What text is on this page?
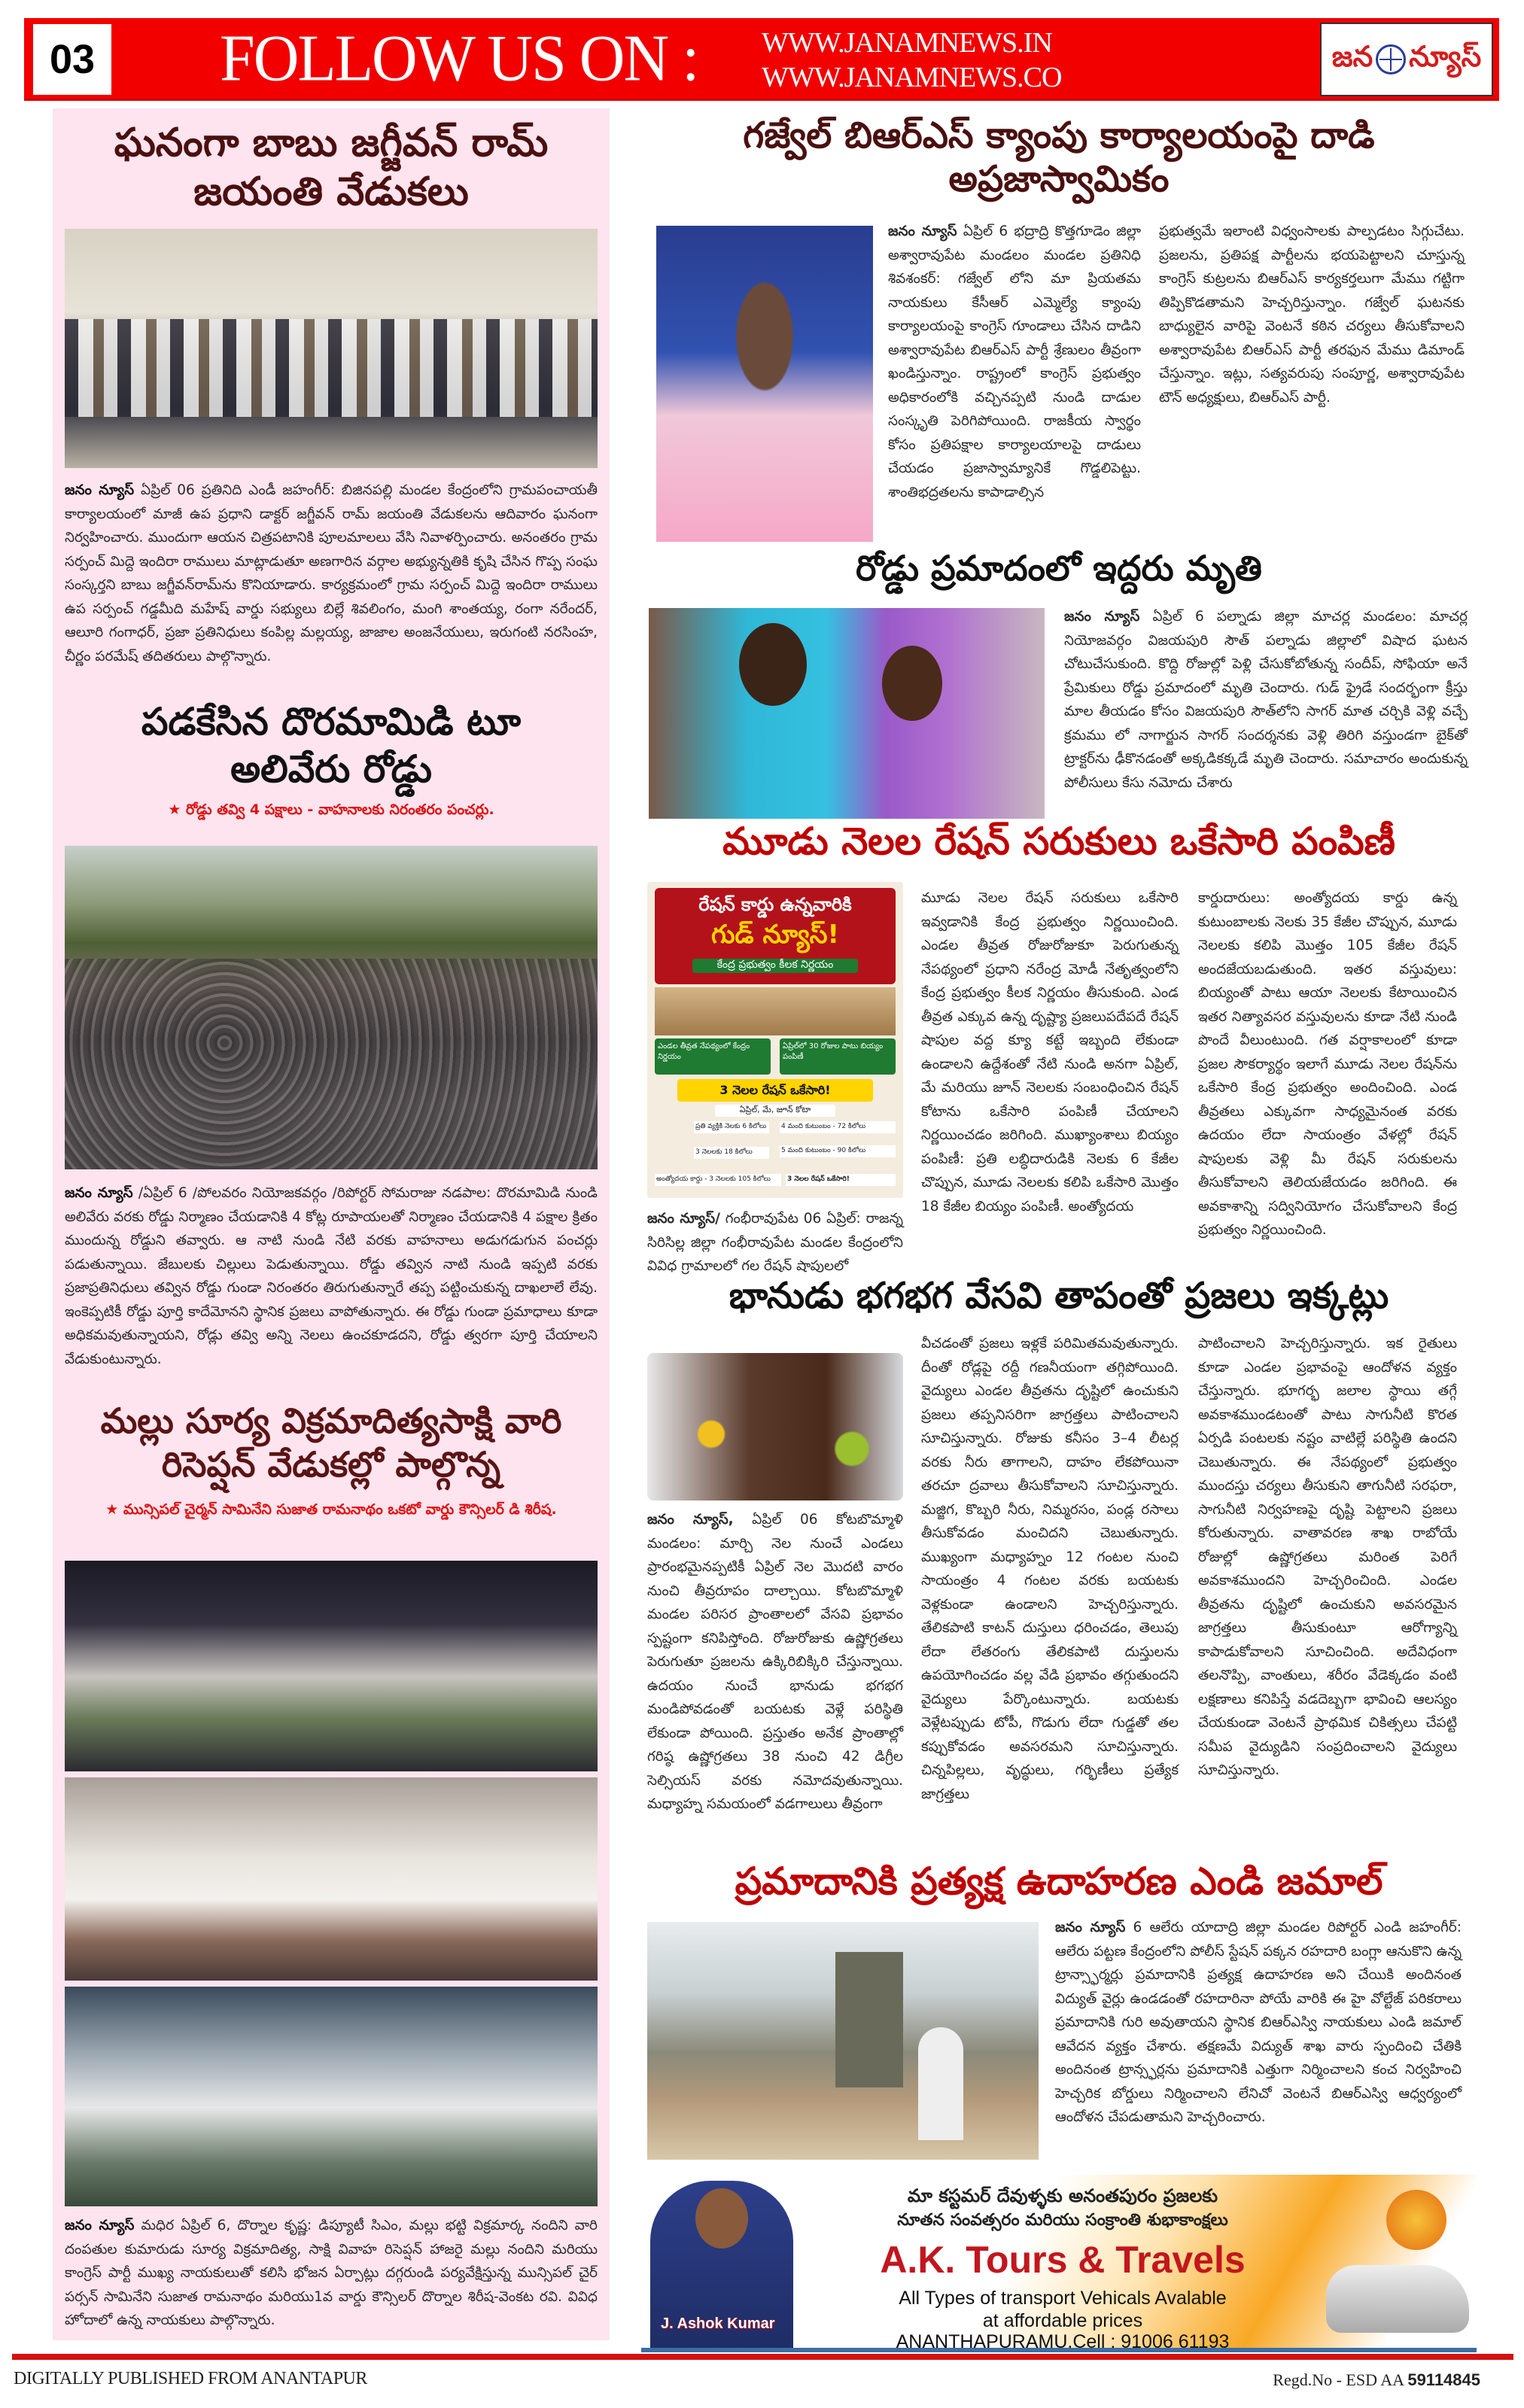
03 FOLLOW US ON : WWW.JANAMNEWS.IN
WWW.JANAMNEWS.CO
జన న్యూస్
ఘనంగా బాబు జగ్జీవన్ రామ్ జయంతి వేడుకలు

జనం న్యూస్ ఏప్రిల్ 06 ప్రతినిది ఎండీ జహంగీర్: బిజినపల్లి మండల కేంద్రంలోని గ్రామపంచాయతీ కార్యాలయంలో మాజీ ఉప ప్రధాని డాక్టర్ జగ్జీవన్ రామ్ జయంతి వేడుకలను ఆదివారం ఘనంగా నిర్వహించారు. ముందుగా ఆయన చిత్రపటానికి పూలమాలలు వేసి నివాళర్పించారు. అనంతరం గ్రామ సర్పంచ్ మిద్దె ఇందిరా రాములు మాట్లాడుతూ అణగారిన వర్గాల అభ్యున్నతికి కృషి చేసిన గొప్ప సంఘ సంస్కర్తని బాబు జగ్జీవన్‌రామ్‌ను కొనియాడారు. కార్యక్రమంలో గ్రామ సర్పంచ్ మిద్దె ఇందిరా రాములు ఉప సర్పంచ్ గడ్డమీది మహేష్ వార్డు సభ్యులు బిల్లే శివలింగం, మంగి శాంతయ్య, రంగా నరేందర్, ఆలూరి గంగాధర్, ప్రజా ప్రతినిధులు కంపిల్ల మల్లయ్య, జాజాల అంజనేయులు, ఇరుగంటి నరసింహ, చీర్ణం పరమేష్ తదితరులు పాల్గొన్నారు.

పడకేసిన దొరమామిడి టూ అలివేరు రోడ్డు
★ రోడ్డు తవ్వి 4 పక్షాలు - వాహనాలకు నిరంతరం పంచర్లు.

జనం న్యూస్ /ఏప్రిల్ 6 /పోలవరం నియోజకవర్గం /రిపోర్టర్ సోమరాజు నడపాల: దొరమామిడి నుండి అలివేరు వరకు రోడ్డు నిర్మాణం చేయడానికి 4 కోట్ల రూపాయలతో నిర్మాణం చేయడానికి 4 పక్షాల క్రితం ముందున్న రోడ్డుని తవ్వారు. ఆ నాటి నుండి నేటి వరకు వాహనాలు అడుగడుగున పంచర్లు పడుతున్నాయి. జేబులకు చిల్లులు పెడుతున్నాయి. రోడ్డు తవ్విన నాటి నుండి ఇప్పటి వరకు ప్రజాప్రతినిధులు తవ్విన రోడ్డు గుండా నిరంతరం తిరుగుతున్నారే తప్ప పట్టించుకున్న దాఖలాలే లేవు. ఇంకెప్పటికీ రోడ్డు పూర్తి కాదేమోనని స్థానిక ప్రజలు వాపోతున్నారు. ఈ రోడ్డు గుండా ప్రమాధాలు కూడా అధికమవుతున్నాయని, రోడ్లు తవ్వి అన్ని నెలలు ఉంచకూడదని, రోడ్డు త్వరగా పూర్తి చేయాలని వేడుకుంటున్నారు.

మల్లు సూర్య విక్రమాదిత్యసాక్షి వారి రిసెప్షన్ వేడుకల్లో పాల్గొన్న
★ మున్సిపల్ చైర్మన్ సామినేని సుజాత రామనాథం ఒకటో వార్డు కౌన్సిలర్ డి శిరీష.

జనం న్యూస్ మధిర ఏప్రిల్ 6, దొర్నాల కృష్ణ: డిప్యూటీ సిఎం, మల్లు భట్టి విక్రమార్క నందిని వారి దంపతుల కుమారుడు సూర్య విక్రమాదిత్య, సాక్షి వివాహ రిసెప్షన్ హాజరై మల్లు నందిని మరియు కాంగ్రెస్ పార్టీ ముఖ్య నాయకులుతో కలిసి భోజన ఏర్పాట్లు దగ్గరుండి పర్యవేక్షిస్తున్న మున్సిపల్ చైర్ పర్సన్ సామినేని సుజాత రామనాథం మరియు1వ వార్డు కౌన్సిలర్ దొర్నాల శిరీష-వెంకట రవి. వివిధ హోదాలో ఉన్న నాయకులు పాల్గొన్నారు.

గజ్వేల్ బిఆర్ఎస్ క్యాంపు కార్యాలయంపై దాడి అప్రజాస్వామికం

జనం న్యూస్ ఏప్రిల్ 6 భద్రాద్రి కొత్తగూడెం జిల్లా అశ్వారావుపేట మండలం మండల ప్రతినిధి శివశంకర్: గజ్వేల్ లోని మా ప్రియతమ నాయకులు కేసీఆర్ ఎమ్మెల్యే క్యాంపు కార్యాలయంపై కాంగ్రెస్ గూండాలు చేసిన దాడిని అశ్వారావుపేట బిఆర్ఎస్ పార్టీ శ్రేణులం తీవ్రంగా ఖండిస్తున్నాం. రాష్ట్రంలో కాంగ్రెస్ ప్రభుత్వం అధికారంలోకి వచ్చినప్పటి నుండి దాడుల సంస్కృతి పెరిగిపోయింది. రాజకీయ స్వార్థం కోసం ప్రతిపక్షాల కార్యాలయాలపై దాడులు చేయడం ప్రజాస్వామ్యానికే గొడ్డలిపెట్టు. శాంతిభద్రతలను కాపాడాల్సిన

ప్రభుత్వమే ఇలాంటి విధ్వంసాలకు పాల్పడటం సిగ్గుచేటు. ప్రజలను, ప్రతిపక్ష పార్టీలను భయపెట్టాలని చూస్తున్న కాంగ్రెస్ కుట్రలను బిఆర్ఎస్ కార్యకర్తలుగా మేము గట్టిగా తిప్పికొడతామని హెచ్చరిస్తున్నాం. గజ్వేల్ ఘటనకు బాధ్యులైన వారిపై వెంటనే కఠిన చర్యలు తీసుకోవాలని అశ్వారావుపేట బిఆర్ఎస్ పార్టీ తరఫున మేము డిమాండ్ చేస్తున్నాం. ఇట్లు, సత్యవరుపు సంపూర్ణ, అశ్వారావుపేట టౌన్ అధ్యక్షులు, బిఆర్ఎస్ పార్టీ.

రోడ్డు ప్రమాదంలో ఇద్దరు మృతి

జనం న్యూస్ ఏప్రిల్ 6 పల్నాడు జిల్లా మాచర్ల మండలం: మాచర్ల నియోజవర్గం విజయపురి సౌత్ పల్నాడు జిల్లాలో విషాద ఘటన చోటుచేసుకుంది. కొద్ది రోజుల్లో పెళ్లి చేసుకోబోతున్న సందీప్, సోఫియా అనే ప్రేమికులు రోడ్డు ప్రమాదంలో మృతి చెందారు. గుడ్ ఫ్రైడే సందర్భంగా క్రీస్తు మాల తీయడం కోసం విజయపురి సౌత్‌లోని సాగర్ మాత చర్చికి వెళ్లి వచ్చే క్రమము లో నాగార్జున సాగర్ సందర్శనకు వెళ్లి తిరిగి వస్తుండగా బైక్‌తో ట్రాక్టర్‌ను ఢీకొనడంతో అక్కడికక్కడే మృతి చెందారు. సమాచారం అందుకున్న పోలీసులు కేసు నమోదు చేశారు

మూడు నెలల రేషన్ సరుకులు ఒకేసారి పంపిణీ
రేషన్ కార్డు ఉన్నవారికి
గుడ్ న్యూస్!
కేంద్ర ప్రభుత్వం కీలక నిర్ణయం
ఎండల తీవ్రత నేపథ్యంలో కేంద్రం నిర్ణయం
ఏప్రిల్‌లో 30 రోజుల పాటు బియ్యం పంపిణీ
3 నెలల రేషన్ ఒకేసారి!
ఏప్రిల్, మే, జూన్ కోటా
ప్రతి వ్యక్తికి నెలకు 6 కిలోలు
3 నెలలకు 18 కిలోలు
4 మంది కుటుంబం - 72 కిలోలు
5 మంది కుటుంబం - 90 కిలోలు
అంత్యోదయ కార్డు - 3 నెలలకు 105 కిలోలు	3 నెలల రేషన్ ఒకేసారి!

జనం న్యూస్/ గంభీరావుపేట 06 ఏప్రిల్: రాజన్న సిరిసిల్ల జిల్లా గంభీరావుపేట మండల కేంద్రంలోని వివిధ గ్రామాలలో గల రేషన్ షాపులలో

మూడు నెలల రేషన్ సరుకులు ఒకేసారి ఇవ్వడానికి కేంద్ర ప్రభుత్వం నిర్ణయించింది. ఎండల తీవ్రత రోజురోజుకూ పెరుగుతున్న నేపథ్యంలో ప్రధాని నరేంద్ర మోడీ నేతృత్వంలోని కేంద్ర ప్రభుత్వం కీలక నిర్ణయం తీసుకుంది. ఎండ తీవ్రత ఎక్కువ ఉన్న దృష్ట్యా ప్రజలుపదేపదే రేషన్ షాపుల వద్ద క్యూ కట్టే ఇబ్బంది లేకుండా ఉండాలని ఉద్దేశంతో నేటి నుండి అనగా ఏప్రిల్, మే మరియు జూన్ నెలలకు సంబంధించిన రేషన్ కోటాను ఒకేసారి పంపిణీ చేయాలని నిర్ణయించడం జరిగింది. ముఖ్యాంశాలు బియ్యం పంపిణీ: ప్రతి లబ్ధిదారుడికి నెలకు 6 కేజీల చొప్పున, మూడు నెలలకు కలిపి ఒకేసారి మొత్తం 18 కేజీల బియ్యం పంపిణీ. అంత్యోదయ

కార్డుదారులు: అంత్యోదయ కార్డు ఉన్న కుటుంబాలకు నెలకు 35 కేజీల చొప్పున, మూడు నెలలకు కలిపి మొత్తం 105 కేజీల రేషన్ అందజేయబడుతుంది. ఇతర వస్తువులు: బియ్యంతో పాటు ఆయా నెలలకు కేటాయించిన ఇతర నిత్యావసర వస్తువులను కూడా నేటి నుండి పొందే వీలుంటుంది. గత వర్షాకాలంలో కూడా ప్రజల సౌకర్యార్థం ఇలాగే మూడు నెలల రేషన్‌ను ఒకేసారి కేంద్ర ప్రభుత్వం అందించింది. ఎండ తీవ్రతలు ఎక్కువగా సాధ్యమైనంత వరకు ఉదయం లేదా సాయంత్రం వేళల్లో రేషన్ షాపులకు వెళ్లి మీ రేషన్ సరుకులను తీసుకోవాలని తెలియజేయడం జరిగింది. ఈ అవకాశాన్ని సద్వినియోగం చేసుకోవాలని కేంద్ర ప్రభుత్వం నిర్ణయించింది.

భానుడు భగభగ వేసవి తాపంతో ప్రజలు ఇక్కట్లు

జనం న్యూస్, ఏప్రిల్ 06 కోటబొమ్మాళి మండలం: మార్చి నెల నుంచే ఎండలు ప్రారంభమైనప్పటికీ ఏప్రిల్ నెల మొదటి వారం నుంచి తీవ్రరూపం దాల్చాయి. కోటబొమ్మాళి మండల పరిసర ప్రాంతాలలో వేసవి ప్రభావం స్పష్టంగా కనిపిస్తోంది. రోజురోజుకు ఉష్ణోగ్రతలు పెరుగుతూ ప్రజలను ఉక్కిరిబిక్కిరి చేస్తున్నాయి. ఉదయం నుంచే భానుడు భగభగ మండిపోవడంతో బయటకు వెళ్లే పరిస్థితి లేకుండా పోయింది. ప్రస్తుతం అనేక ప్రాంతాల్లో గరిష్ఠ ఉష్ణోగ్రతలు 38 నుంచి 42 డిగ్రీల సెల్సియస్ వరకు నమోదవుతున్నాయి. మధ్యాహ్న సమయంలో వడగాలులు తీవ్రంగా

వీచడంతో ప్రజలు ఇళ్లకే పరిమితమవుతున్నారు. దీంతో రోడ్లపై రద్దీ గణనీయంగా తగ్గిపోయింది. వైద్యులు ఎండల తీవ్రతను దృష్టిలో ఉంచుకుని ప్రజలు తప్పనిసరిగా జాగ్రత్తలు పాటించాలని సూచిస్తున్నారు. రోజుకు కనీసం 3–4 లీటర్ల వరకు నీరు తాగాలని, దాహం లేకపోయినా తరచూ ద్రవాలు తీసుకోవాలని సూచిస్తున్నారు. మజ్జిగ, కొబ్బరి నీరు, నిమ్మరసం, పండ్ల రసాలు తీసుకోవడం మంచిదని చెబుతున్నారు. ముఖ్యంగా మధ్యాహ్నం 12 గంటల నుంచి సాయంత్రం 4 గంటల వరకు బయటకు వెళ్లకుండా ఉండాలని హెచ్చరిస్తున్నారు. తేలికపాటి కాటన్ దుస్తులు ధరించడం, తెలుపు లేదా లేతరంగు తేలికపాటి దుస్తులను ఉపయోగించడం వల్ల వేడి ప్రభావం తగ్గుతుందని వైద్యులు పేర్కొంటున్నారు. బయటకు వెళ్లేటప్పుడు టోపీ, గొడుగు లేదా గుడ్డతో తల కప్పుకోవడం అవసరమని సూచిస్తున్నారు. చిన్నపిల్లలు, వృద్ధులు, గర్భిణీలు ప్రత్యేక జాగ్రత్తలు

పాటించాలని హెచ్చరిస్తున్నారు. ఇక రైతులు కూడా ఎండల ప్రభావంపై ఆందోళన వ్యక్తం చేస్తున్నారు. భూగర్భ జలాల స్థాయి తగ్గే అవకాశముండటంతో పాటు సాగునీటి కొరత ఏర్పడి పంటలకు నష్టం వాటిల్లే పరిస్థితి ఉందని చెబుతున్నారు. ఈ నేపథ్యంలో ప్రభుత్వం ముందస్తు చర్యలు తీసుకుని తాగునీటి సరఫరా, సాగునీటి నిర్వహణపై దృష్టి పెట్టాలని ప్రజలు కోరుతున్నారు. వాతావరణ శాఖ రాబోయే రోజుల్లో ఉష్ణోగ్రతలు మరింత పెరిగే అవకాశముందని హెచ్చరించింది. ఎండల తీవ్రతను దృష్టిలో ఉంచుకుని అవసరమైన జాగ్రత్తలు తీసుకుంటూ ఆరోగ్యాన్ని కాపాడుకోవాలని సూచించింది. అదేవిధంగా తలనొప్పి, వాంతులు, శరీరం వేడెక్కడం వంటి లక్షణాలు కనిపిస్తే వడదెబ్బగా భావించి ఆలస్యం చేయకుండా వెంటనే ప్రాథమిక చికిత్సలు చేపట్టి సమీప వైద్యుడిని సంప్రదించాలని వైద్యులు సూచిస్తున్నారు.

ప్రమాదానికి ప్రత్యక్ష ఉదాహరణ ఎండి జమాల్

జనం న్యూస్ 6 ఆలేరు యాదాద్రి జిల్లా మండల రిపోర్టర్ ఎండి జహంగీర్: ఆలేరు పట్టణ కేంద్రంలోని పోలీస్ స్టేషన్ పక్కన రహదారి బంగ్లా ఆనుకొని ఉన్న ట్రాన్స్ఫార్మర్లు ప్రమాదానికి ప్రత్యక్ష ఉదాహరణ అని చేయికి అందినంత విద్యుత్ వైర్లు ఉండడంతో రహదారినా పోయే వారికి ఈ హై వోల్టేజ్ పరికరాలు ప్రమాదానికి గురి అవుతాయని స్థానిక బిఆర్ఎస్వి నాయకులు ఎండి జమాల్ ఆవేదన వ్యక్తం చేశారు. తక్షణమే విద్యుత్ శాఖ వారు స్పందించి చేతికి అందినంత ట్రాన్స్ఫర్లను ప్రమాదానికి ఎత్తుగా నిర్మించాలని కంచ నిర్వహించి హెచ్చరిక బోర్డులు నిర్మించాలని లేనిచో వెంటనే బిఆర్ఎస్వి ఆధ్వర్యంలో ఆందోళన చేపడుతామని హెచ్చరించారు.

J. Ashok Kumar
మా కస్టమర్ దేవుళ్ళకు అనంతపురం ప్రజలకు
నూతన సంవత్సరం మరియు సంక్రాంతి శుభాకాంక్షలు
A.K. Tours & Travels
All Types of transport Vehicals Avalable
at affordable prices
ANANTHAPURAMU.Cell : 91006 61193
DIGITALLY PUBLISHED FROM ANANTAPUR	Regd.No - ESD AA 59114845
